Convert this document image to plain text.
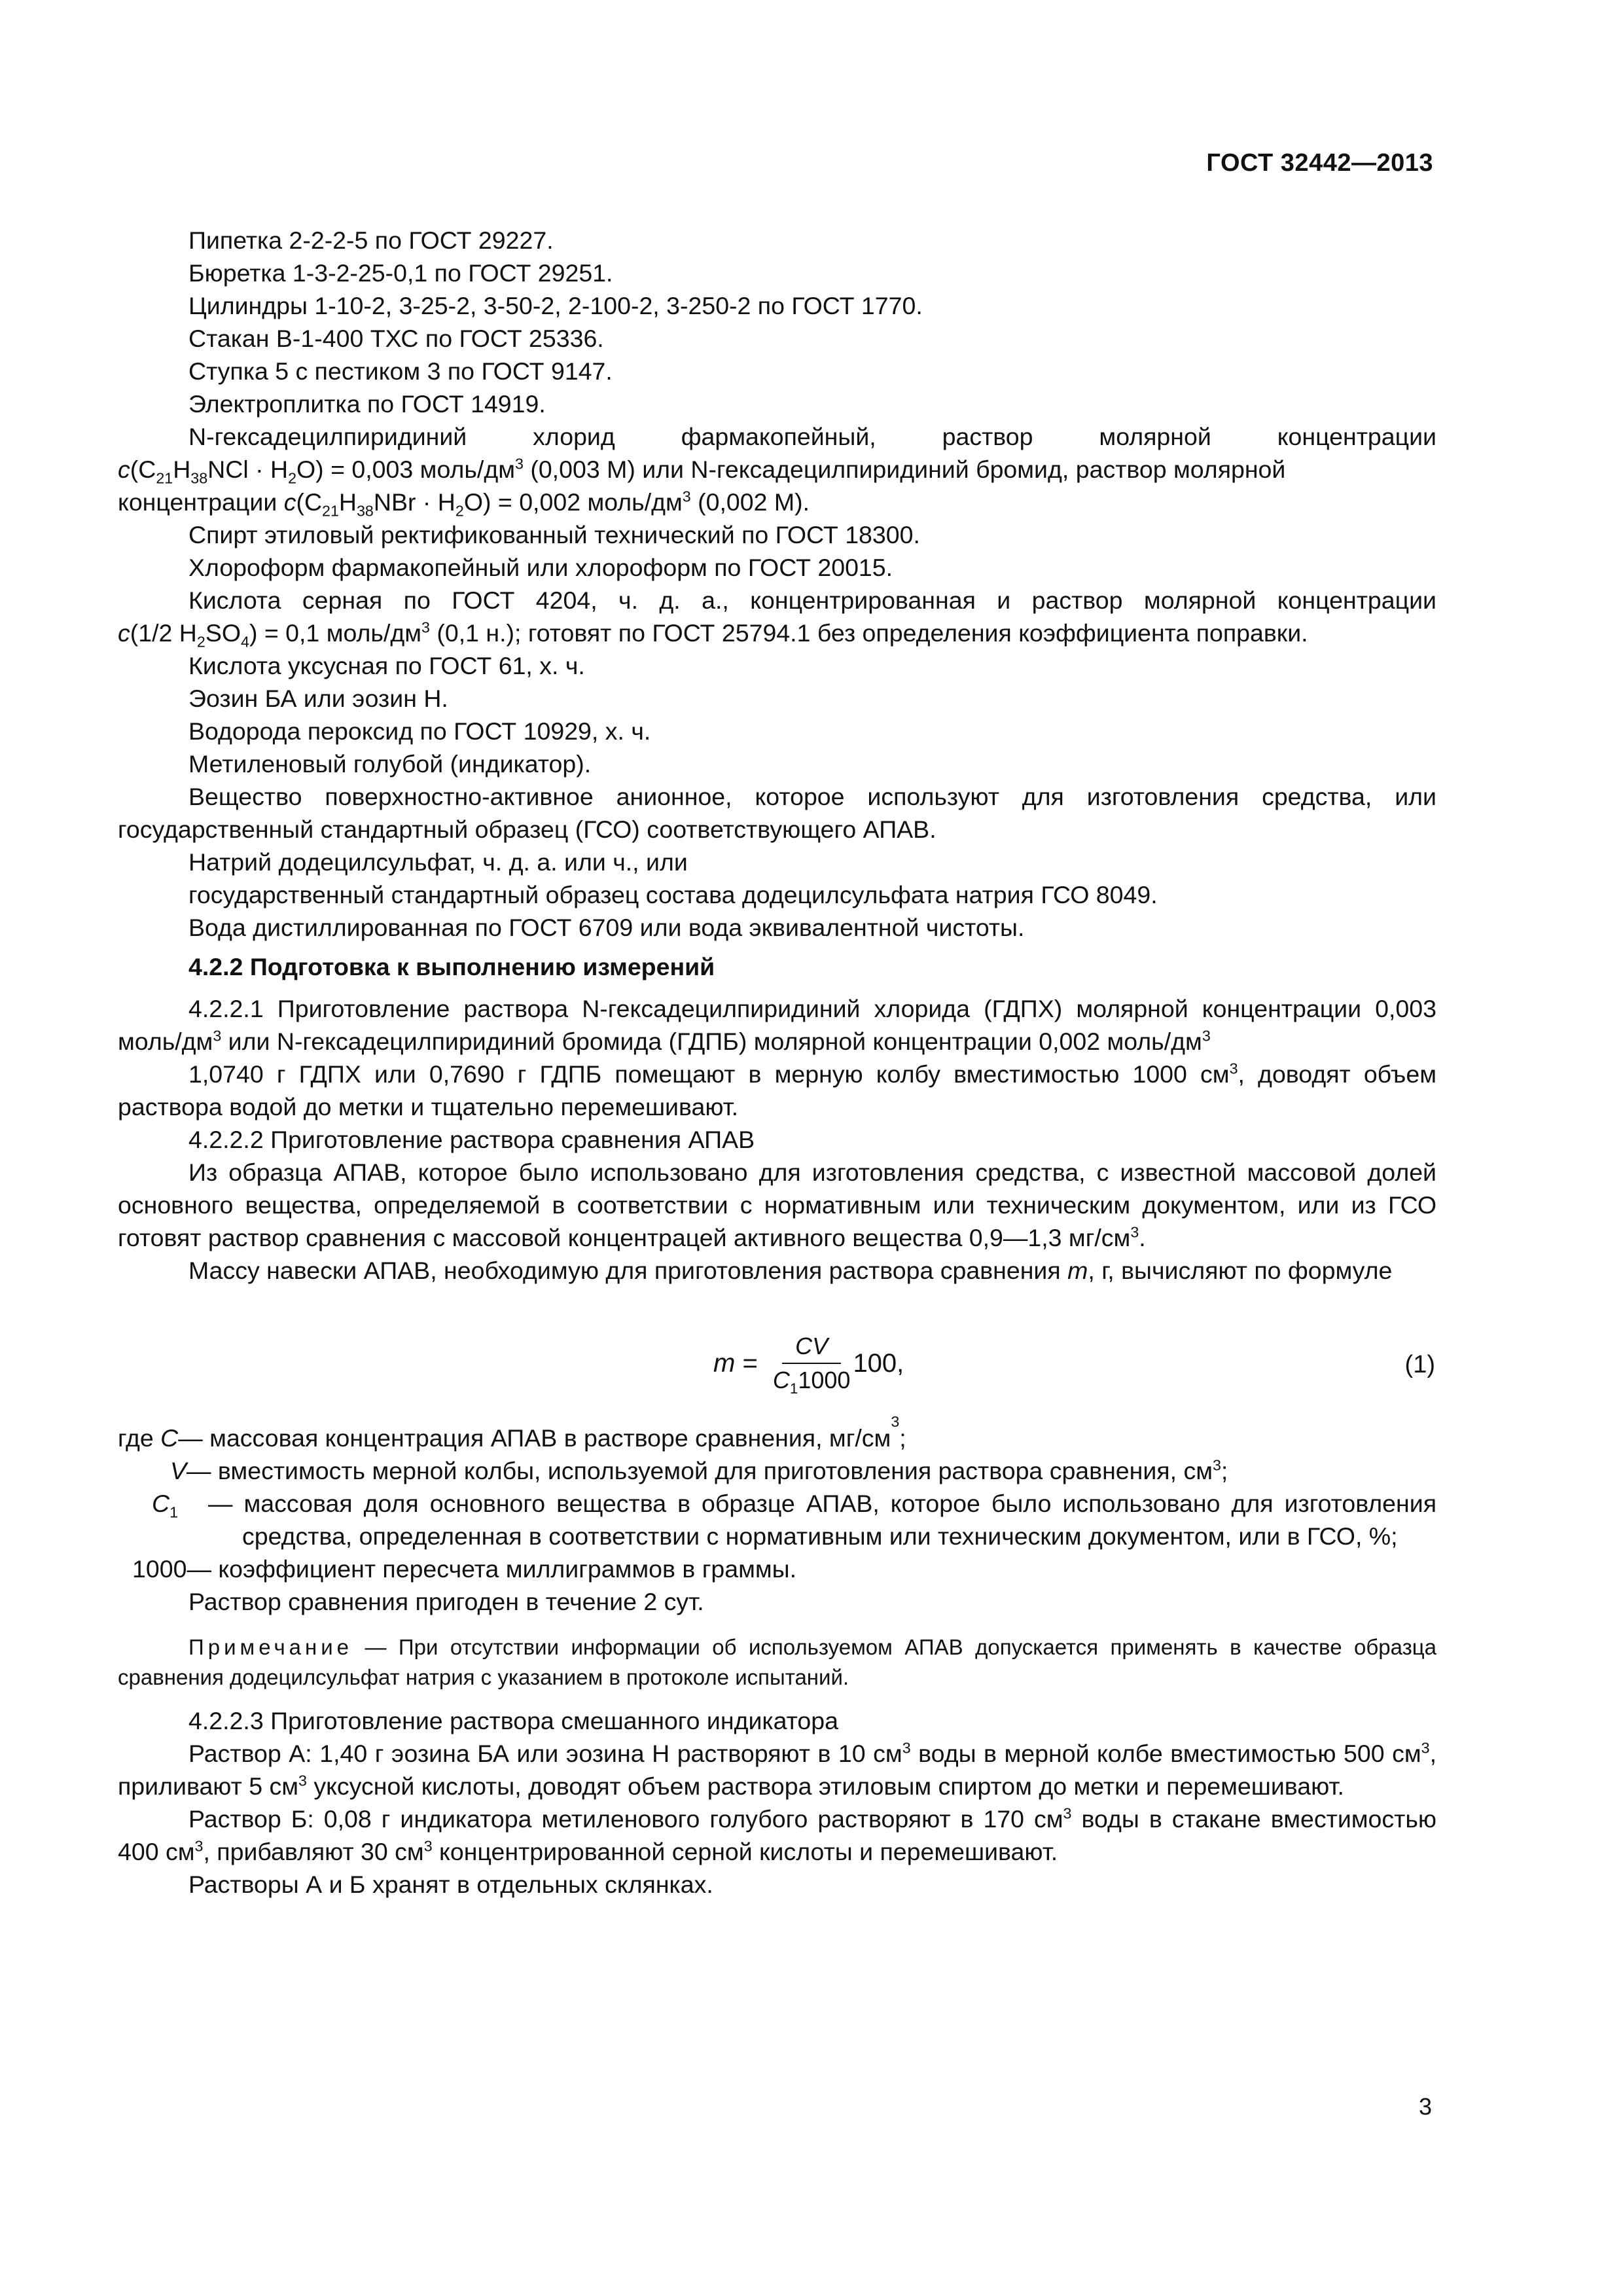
ГОСТ 32442—2013

Пипетка 2-2-2-5 по ГОСТ 29227.

Бюретка 1-3-2-25-0,1 по ГОСТ 29251.

Цилиндры 1-10-2, 3-25-2, 3-50-2, 2-100-2, 3-250-2 по ГОСТ 1770.

Стакан В-1-400 ТХС по ГОСТ 25336.

Ступка 5 с пестиком 3 по ГОСТ 9147.

Электроплитка по ГОСТ 14919.

N-гексадецилпиридиний хлорид фармакопейный, раствор молярной концентрации

$c(C_{21}H_{38}NCl \cdot H_2O) = 0,003$ моль/$дм^3$ (0,003 М) или N-гексадецилпиридиний бромид, раствор молярной

концентрации $c(C_{21}H_{38}NBr \cdot H_2O) = 0,002$ моль/$дм^3$ (0,002 М).

Спирт этиловый ректификованный технический по ГОСТ 18300.

Хлороформ фармакопейный или хлороформ по ГОСТ 20015.

Кислота серная по ГОСТ 4204, ч. д. а., концентрированная и раствор молярной концентрации

c(1/2 $H_2SO_4) = 0,1$ моль/$дм^3$ (0,1 н.); готовят по ГОСТ 25794.1 без определения коэффициента поправки.

Кислота уксусная по ГОСТ 61, х. ч.

Эозин БА или эозин Н.

Водорода пероксид по ГОСТ 10929, х. ч.

Метиленовый голубой (индикатор).

Вещество поверхностно-активное анионное, которое используют для изготовления средства, или государственный стандартный образец (ГСО) соответствующего АПАВ.

Натрий додецилсульфат, ч. д. а. или ч., или

государственный стандартный образец состава додецилсульфата натрия ГСО 8049.

Вода дистиллированная по ГОСТ 6709 или вода эквивалентной чистоты.

4.2.2 Подготовка к выполнению измерений

4.2.2.1 Приготовление раствора N-гексадецилпиридиний хлорида (ГДПХ) молярной концентрации 0,003 моль/$дм^3$ или N-гексадецилпиридиний бромида (ГДПБ) молярной концентрации 0,002 моль/$дм^3$

1,0740 г ГДПХ или 0,7690 г ГДПБ помещают в мерную колбу вместимостью 1000 $см^3$, доводят объем раствора водой до метки и тщательно перемешивают.

4.2.2.2 Приготовление раствора сравнения АПАВ

Из образца АПАВ, которое было использовано для изготовления средства, с известной массовой долей основного вещества, определяемой в соответствии с нормативным или техническим документом, или из ГСО готовят раствор сравнения с массовой концентрацей активного вещества 0,9—1,3 $мг/см^3$.

Массу навески АПАВ, необходимую для приготовления раствора сравнения m, г, вычисляют по формуле

$m = \frac{CV}{C_11000} 100$,	(1)
где C — массовая концентрация АПАВ в растворе сравнения, мг/см
3
;
V — вместимость мерной колбы, используемой для приготовления раствора сравнения, $см^3$;
$C_1$	— массовая доля основного вещества в образце АПАВ, которое было использовано для изготовления средства, определенная в соответствии с нормативным или техническим документом, или в ГСО, %;
1000 — коэффициент пересчета миллиграммов в граммы.

Раствор сравнения пригоден в течение 2 сут.

Примечание — При отсутствии информации об используемом АПАВ допускается применять в качестве образца сравнения додецилсульфат натрия с указанием в протоколе испытаний.

4.2.2.3 Приготовление раствора смешанного индикатора

Раствор А: 1,40 г эозина БА или эозина Н растворяют в 10 $см^3$ воды в мерной колбе вместимостью 500 $см^3$, приливают 5 $см^3$ уксусной кислоты, доводят объем раствора этиловым спиртом до метки и перемешивают.

Раствор Б: 0,08 г индикатора метиленового голубого растворяют в 170 $см^3$ воды в стакане вместимостью 400 $см^3$, прибавляют 30 $см^3$ концентрированной серной кислоты и перемешивают.

Растворы А и Б хранят в отдельных склянках.

3
